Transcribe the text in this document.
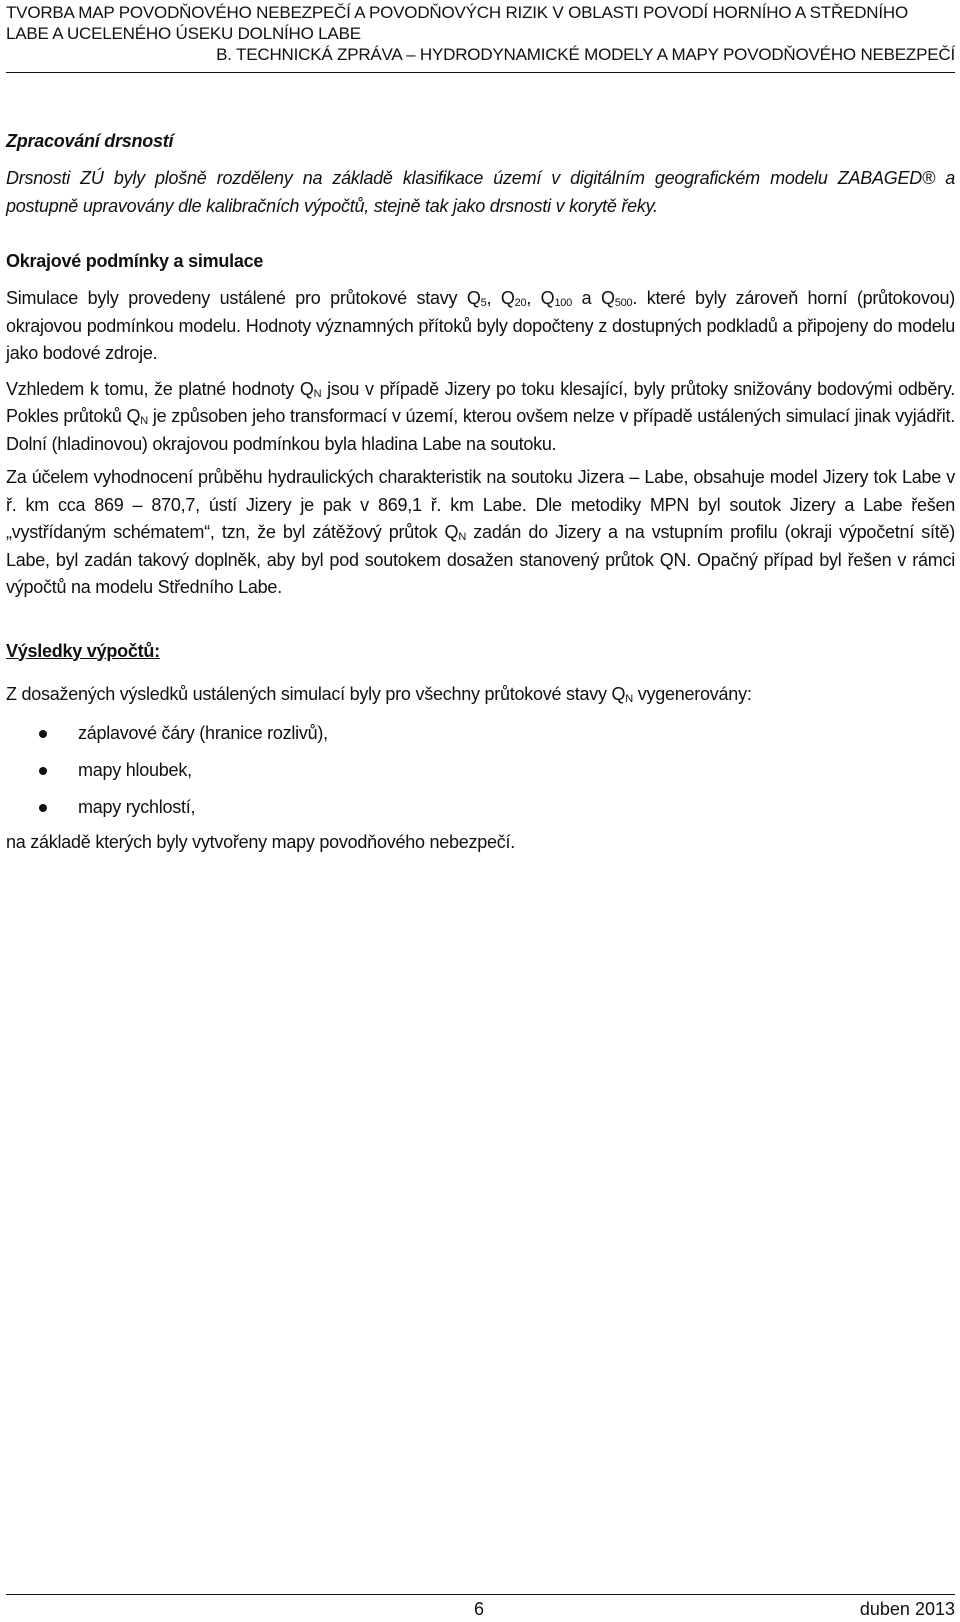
TVORBA MAP POVODŇOVÉHO NEBEZPEČÍ A POVODŇOVÝCH RIZIK V OBLASTI POVODÍ HORNÍHO A STŘEDNÍHO
LABE A UCELENÉHO ÚSEKU DOLNÍHO LABE
B. TECHNICKÁ ZPRÁVA – HYDRODYNAMICKÉ MODELY A MAPY POVODŇOVÉHO NEBEZPEČÍ
Zpracování drsností

Drsnosti ZÚ byly plošně rozděleny na základě klasifikace území v digitálním geografickém modelu ZABAGED® a postupně upravovány dle kalibračních výpočtů, stejně tak jako drsnosti v korytě řeky.

Okrajové podmínky a simulace

Simulace byly provedeny ustálené pro průtokové stavy $Q_5$, $Q_{20}$, $Q_{100}$ a $Q_{500}$. které byly zároveň horní (průtokovou) okrajovou podmínkou modelu. Hodnoty významných přítoků byly dopočteny z dostupných podkladů a připojeny do modelu jako bodové zdroje.

Vzhledem k tomu, že platné hodnoty $Q_N$ jsou v případě Jizery po toku klesající, byly průtoky snižovány bodovými odběry. Pokles průtoků $Q_N$ je způsoben jeho transformací v území, kterou ovšem nelze v případě ustálených simulací jinak vyjádřit. Dolní (hladinovou) okrajovou podmínkou byla hladina Labe na soutoku.

Za účelem vyhodnocení průběhu hydraulických charakteristik na soutoku Jizera – Labe, obsahuje model Jizery tok Labe v ř. km cca 869 – 870,7, ústí Jizery je pak v 869,1 ř. km Labe. Dle metodiky MPN byl soutok Jizery a Labe řešen „vystřídaným schématem“, tzn, že byl zátěžový průtok $Q_N$ zadán do Jizery a na vstupním profilu (okraji výpočetní sítě) Labe, byl zadán takový doplněk, aby byl pod soutokem dosažen stanovený průtok QN. Opačný případ byl řešen v rámci výpočtů na modelu Středního Labe.

Výsledky výpočtů:

Z dosažených výsledků ustálených simulací byly pro všechny průtokové stavy $Q_N$ vygenerovány:

záplavové čáry (hranice rozlivů),
mapy hloubek,
mapy rychlostí,

na základě kterých byly vytvořeny mapy povodňového nebezpečí.

6	duben 2013
